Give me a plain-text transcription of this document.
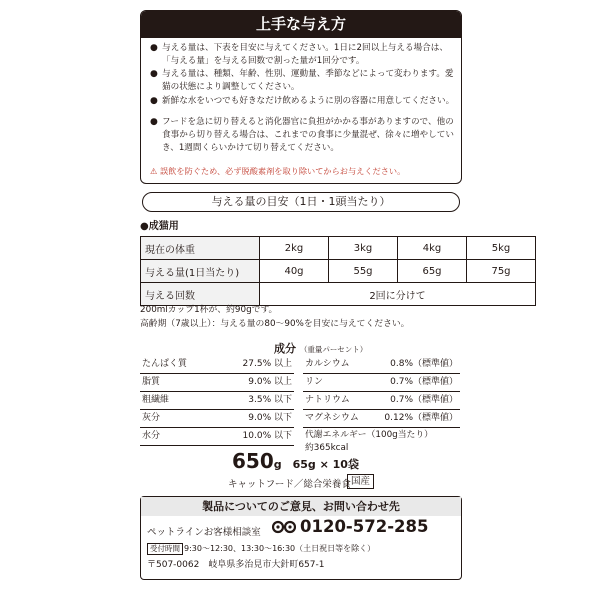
上手な与え方
● 与える量は、下表を目安に与えてください。1日に2回以上与える場合は、「与える量」を与える回数で割った量が1回分です。
● 与える量は、種類、年齢、性別、運動量、季節などによって変わります。愛猫の状態により調整してください。
● 新鮮な水をいつでも好きなだけ飲めるように別の容器に用意してください。
● フードを急に切り替えると消化器官に負担がかかる事がありますので、他の食事から切り替える場合は、これまでの食事に少量混ぜ、徐々に増やしていき、1週間くらいかけて切り替えてください。
⚠ 誤飲を防ぐため、必ず脱酸素剤を取り除いてからお与えください。
与える量の目安（1日・1頭当たり）
●成猫用
現在の体重	2kg	3kg	4kg	5kg
与える量(1日当たり)	40g	55g	65g	75g
与える回数	2回に分けて			
200mlカップ1杯が、約90gです。
高齢期（7歳以上）：与える量の80～90%を目安に与えてください。
成分 （重量パーセント）
たんぱく質	27.5% 以上
脂質	9.0% 以上
粗繊維	3.5% 以下
灰分	9.0% 以下
水分	10.0% 以下
カルシウム	0.8%（標準値）
リン	0.7%（標準値）
ナトリウム	0.7%（標準値）
マグネシウム	0.12%（標準値）
代謝エネルギー（100g当たり）
約365kcal
650g 65g × 10袋
キャットフード／総合栄養食 国産
製品についてのご意見、お問い合わせ先
ペットラインお客様相談室 0120-572-285
受付時間 9:30～12:30、13:30～16:30（土日祝日等を除く）
〒507-0062　岐阜県多治見市大針町657-1
